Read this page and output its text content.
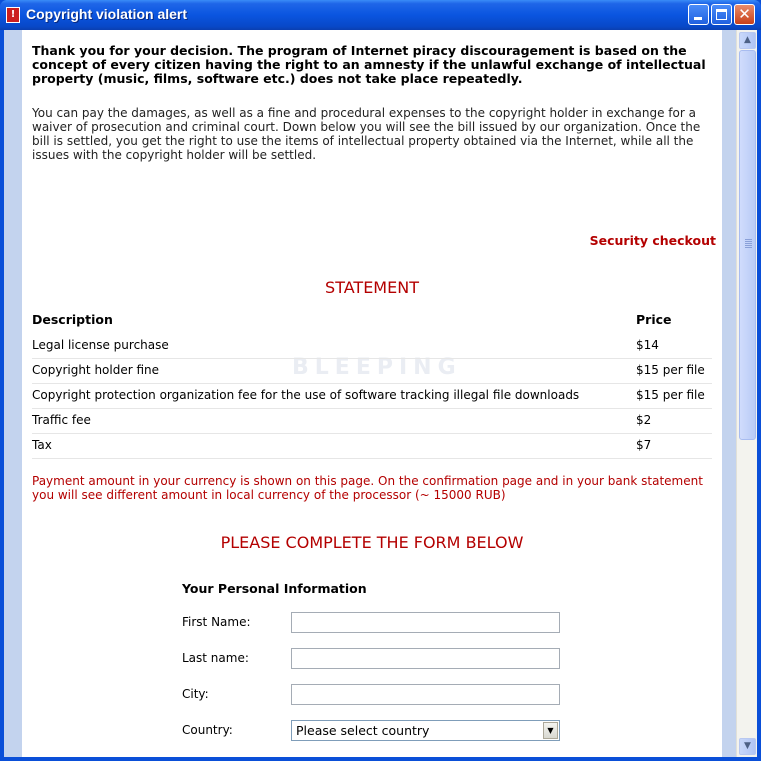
! Copyright violation alert	✕
Thank you for your decision. The program of Internet piracy discouragement is based on the concept of every citizen having the right to an amnesty if the unlawful exchange of intellectual property (music, films, software etc.) does not take place repeatedly.
You can pay the damages, as well as a fine and procedural expenses to the copyright holder in exchange for a waiver of prosecution and criminal court. Down below you will see the bill issued by our organization. Once the bill is settled, you get the right to use the items of intellectual property obtained via the Internet, while all the issues with the copyright holder will be settled.
Security checkout
STATEMENT
BLEEPING
Description	Price
Legal license purchase	$14
Copyright holder fine	$15 per file
Copyright protection organization fee for the use of software tracking illegal file downloads	$15 per file
Traffic fee	$2
Tax	$7
Payment amount in your currency is shown on this page. On the confirmation page and in your bank statement you will see different amount in local currency of the processor (~ 15000 RUB)
PLEASE COMPLETE THE FORM BELOW
Your Personal Information
First Name:
Last name:
City:
Country:	Please select country	▼
▲
▼
